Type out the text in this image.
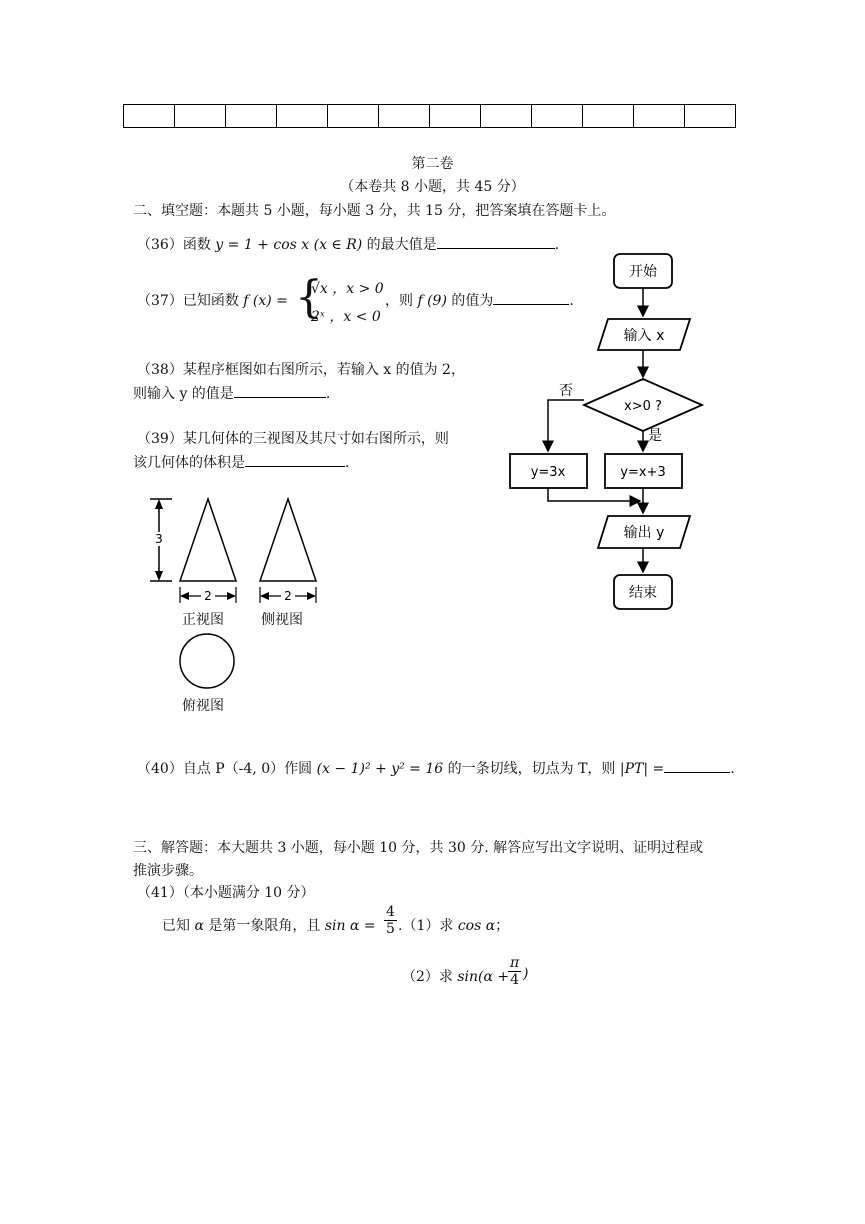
第二卷
（本卷共 8 小题，共 45 分）
二、填空题：本题共 5 小题，每小题 3 分，共 15 分，把答案填在答题卡上。
（36）函数 y = 1 + cos x (x ∈ R) 的最大值是	.
（37）已知函数 f (x) = {
√x ，x > 0
2ˣ ，x < 0
，则 f (9) 的值为	.
（38）某程序框图如右图所示，若输入 x 的值为 2，
则输入 y 的值是	.
（39）某几何体的三视图及其尺寸如右图所示，则
该几何体的体积是	.
3
2	2
正视图	侧视图
俯视图
开始
输入 x
x>0 ?
否
是
y=3x	y=x+3
输出 y
结束
（40）自点 P（-4, 0）作圆 (x − 1)² + y² = 16 的一条切线，切点为 T，则 |PT| =	.
三、解答题：本大题共 3 小题，每小题 10 分，共 30 分. 解答应写出文字说明、证明过程或
推演步骤。
（41）（本小题满分 10 分）
已知 α 是第一象限角，且 $\sin \alpha = \frac{4}{5} .(1)$求 cos α；
（2）求 sin(α +
$\frac{\pi}{4}$ )
